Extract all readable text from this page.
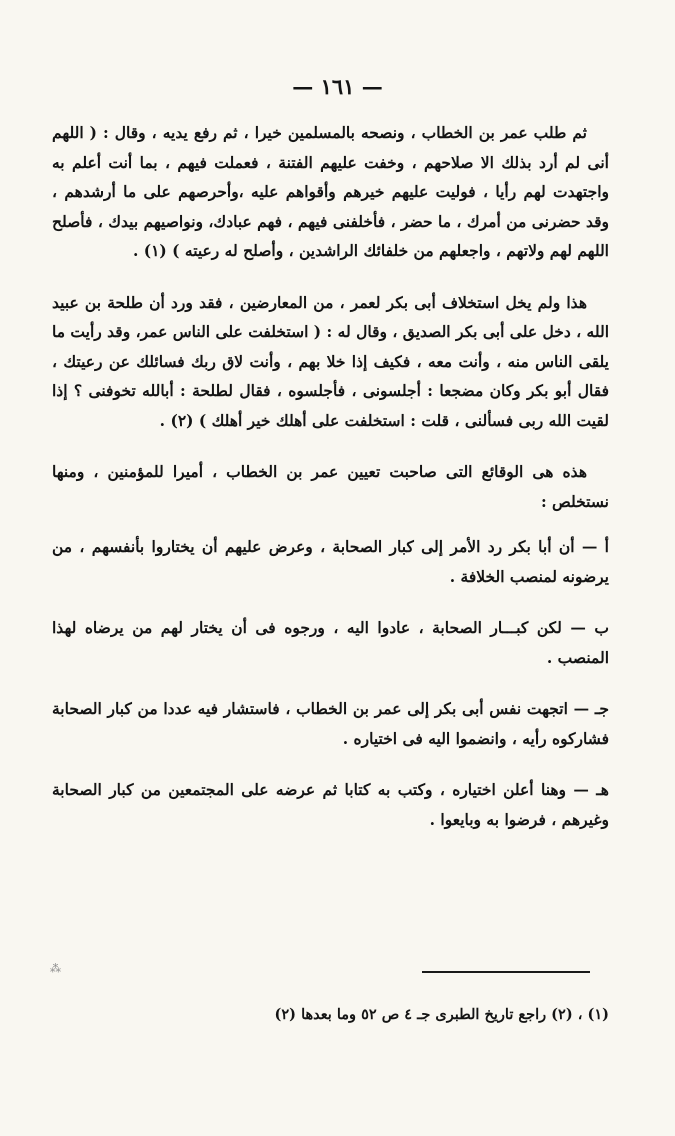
— ١٦١ —

ثم طلب عمر بن الخطاب ، ونصحه بالمسلمين خيرا ، ثم رفع يديه ، وقال : ( اللهم أنى لم أرد بذلك الا صلاحهم ، وخفت عليهم الفتنة ، فعملت فيهم ، بما أنت أعلم به واجتهدت لهم رأيا ، فوليت عليهم خيرهم وأقواهم عليه ،وأحرصهم على ما أرشدهم ، وقد حضرنى من أمرك ، ما حضر ، فأخلفنى فيهم ، فهم عبادك، ونواصيهم بيدك ، فأصلح اللهم لهم ولاتهم ، واجعلهم من خلفائك الراشدين ، وأصلح له رعيته ) (١) .

هذا ولم يخل استخلاف أبى بكر لعمر ، من المعارضين ، فقد ورد أن طلحة بن عبيد الله ، دخل على أبى بكر الصديق ، وقال له : ( استخلفت على الناس عمر، وقد رأيت ما يلقى الناس منه ، وأنت معه ، فكيف إذا خلا بهم ، وأنت لاق ربك فسائلك عن رعيتك ، فقال أبو بكر وكان مضجعا : أجلسونى ، فأجلسوه ، فقال لطلحة : أبالله تخوفنى ؟ إذا لقيت الله ربى فسألنى ، قلت : استخلفت على أهلك خير أهلك ) (٢) .

هذه هى الوقائع التى صاحبت تعيين عمر بن الخطاب ، أميرا للمؤمنين ، ومنها نستخلص :

أ — أن أبا بكر رد الأمر إلى كبار الصحابة ، وعرض عليهم أن يختاروا بأنفسهم ، من يرضونه لمنصب الخلافة .

ب — لكن كبـــار الصحابة ، عادوا اليه ، ورجوه فى أن يختار لهم من يرضاه لهذا المنصب .

جـ — اتجهت نفس أبى بكر إلى عمر بن الخطاب ، فاستشار فيه عددا من كبار الصحابة فشاركوه رأيه ، وانضموا اليه فى اختياره .

هـ — وهنا أعلن اختياره ، وكتب به كتابا ثم عرضه على المجتمعين من كبار الصحابة وغيرهم ، فرضوا به وبايعوا .

⁂
(١) ، (٢) راجع تاريخ الطبرى جـ ٤ ص ٥٢ وما بعدها (٢)
